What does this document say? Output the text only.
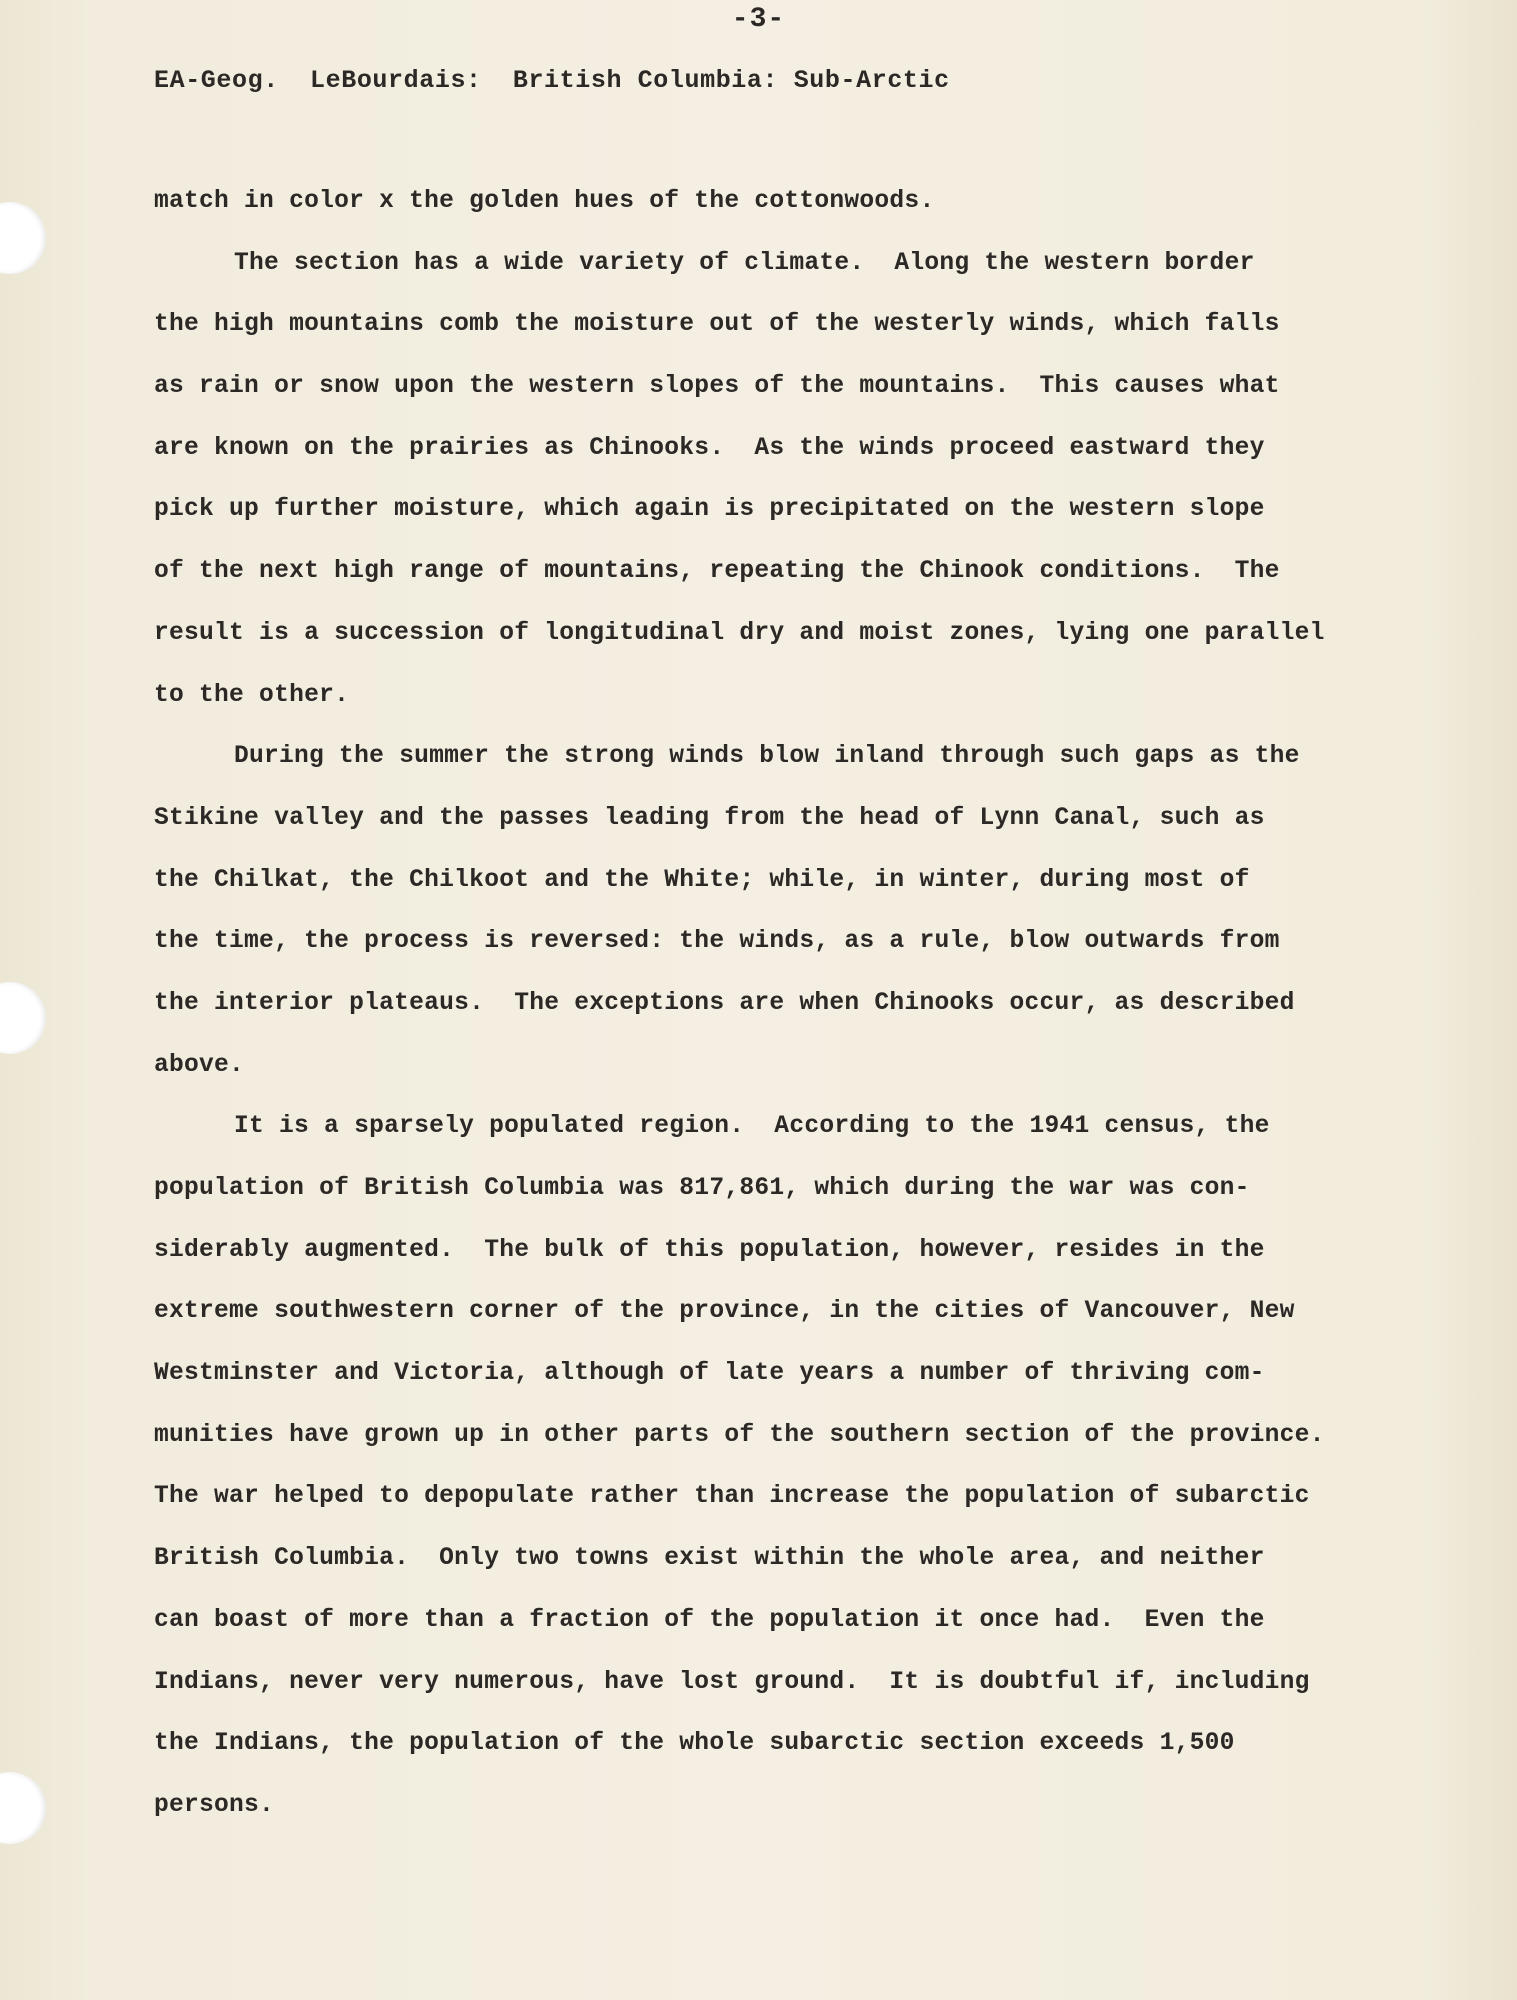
-3-
EA-Geog.  LeBourdais:  British Columbia: Sub-Arctic
match in color x the golden hues of the cottonwoods.
The section has a wide variety of climate.  Along the western border
the high mountains comb the moisture out of the westerly winds, which falls
as rain or snow upon the western slopes of the mountains.  This causes what
are known on the prairies as Chinooks.  As the winds proceed eastward they
pick up further moisture, which again is precipitated on the western slope
of the next high range of mountains, repeating the Chinook conditions.  The
result is a succession of longitudinal dry and moist zones, lying one parallel
to the other.
During the summer the strong winds blow inland through such gaps as the
Stikine valley and the passes leading from the head of Lynn Canal, such as
the Chilkat, the Chilkoot and the White; while, in winter, during most of
the time, the process is reversed: the winds, as a rule, blow outwards from
the interior plateaus.  The exceptions are when Chinooks occur, as described
above.
It is a sparsely populated region.  According to the 1941 census, the
population of British Columbia was 817,861, which during the war was con-
siderably augmented.  The bulk of this population, however, resides in the
extreme southwestern corner of the province, in the cities of Vancouver, New
Westminster and Victoria, although of late years a number of thriving com-
munities have grown up in other parts of the southern section of the province.
The war helped to depopulate rather than increase the population of subarctic
British Columbia.  Only two towns exist within the whole area, and neither
can boast of more than a fraction of the population it once had.  Even the
Indians, never very numerous, have lost ground.  It is doubtful if, including
the Indians, the population of the whole subarctic section exceeds 1,500
persons.
